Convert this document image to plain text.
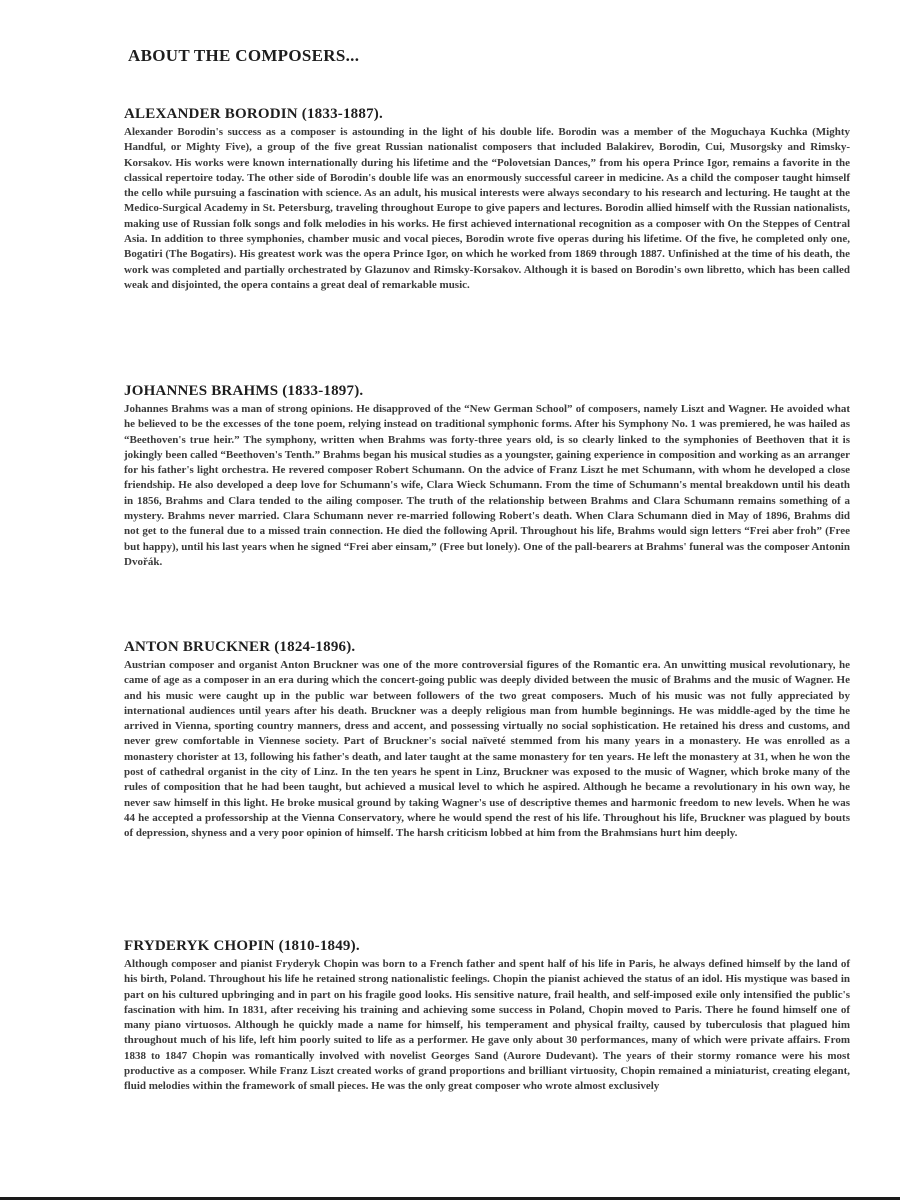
ABOUT THE COMPOSERS...
ALEXANDER BORODIN (1833-1887).

Alexander Borodin's success as a composer is astounding in the light of his double life. Borodin was a member of the Moguchaya Kuchka (Mighty Handful, or Mighty Five), a group of the five great Russian nationalist composers that included Balakirev, Borodin, Cui, Musorgsky and Rimsky-Korsakov. His works were known internationally during his lifetime and the “Polovetsian Dances,” from his opera Prince Igor, remains a favorite in the classical repertoire today. The other side of Borodin's double life was an enormously successful career in medicine. As a child the composer taught himself the cello while pursuing a fascination with science. As an adult, his musical interests were always secondary to his research and lecturing. He taught at the Medico-Surgical Academy in St. Petersburg, traveling throughout Europe to give papers and lectures. Borodin allied himself with the Russian nationalists, making use of Russian folk songs and folk melodies in his works. He first achieved international recognition as a composer with On the Steppes of Central Asia. In addition to three symphonies, chamber music and vocal pieces, Borodin wrote five operas during his lifetime. Of the five, he completed only one, Bogatiri (The Bogatirs). His greatest work was the opera Prince Igor, on which he worked from 1869 through 1887. Unfinished at the time of his death, the work was completed and partially orchestrated by Glazunov and Rimsky-Korsakov. Although it is based on Borodin's own libretto, which has been called weak and disjointed, the opera contains a great deal of remarkable music.

JOHANNES BRAHMS (1833-1897).

Johannes Brahms was a man of strong opinions. He disapproved of the “New German School” of composers, namely Liszt and Wagner. He avoided what he believed to be the excesses of the tone poem, relying instead on traditional symphonic forms. After his Symphony No. 1 was premiered, he was hailed as “Beethoven's true heir.” The symphony, written when Brahms was forty-three years old, is so clearly linked to the symphonies of Beethoven that it is jokingly been called “Beethoven's Tenth.” Brahms began his musical studies as a youngster, gaining experience in composition and working as an arranger for his father's light orchestra. He revered composer Robert Schumann. On the advice of Franz Liszt he met Schumann, with whom he developed a close friendship. He also developed a deep love for Schumann's wife, Clara Wieck Schumann. From the time of Schumann's mental breakdown until his death in 1856, Brahms and Clara tended to the ailing composer. The truth of the relationship between Brahms and Clara Schumann remains something of a mystery. Brahms never married. Clara Schumann never re-married following Robert's death. When Clara Schumann died in May of 1896, Brahms did not get to the funeral due to a missed train connection. He died the following April. Throughout his life, Brahms would sign letters “Frei aber froh” (Free but happy), until his last years when he signed “Frei aber einsam,” (Free but lonely). One of the pall-bearers at Brahms' funeral was the composer Antonin Dvořák.

ANTON BRUCKNER (1824-1896).

Austrian composer and organist Anton Bruckner was one of the more controversial figures of the Romantic era. An unwitting musical revolutionary, he came of age as a composer in an era during which the concert-going public was deeply divided between the music of Brahms and the music of Wagner. He and his music were caught up in the public war between followers of the two great composers. Much of his music was not fully appreciated by international audiences until years after his death. Bruckner was a deeply religious man from humble beginnings. He was middle-aged by the time he arrived in Vienna, sporting country manners, dress and accent, and possessing virtually no social sophistication. He retained his dress and customs, and never grew comfortable in Viennese society. Part of Bruckner's social naïveté stemmed from his many years in a monastery. He was enrolled as a monastery chorister at 13, following his father's death, and later taught at the same monastery for ten years. He left the monastery at 31, when he won the post of cathedral organist in the city of Linz. In the ten years he spent in Linz, Bruckner was exposed to the music of Wagner, which broke many of the rules of composition that he had been taught, but achieved a musical level to which he aspired. Although he became a revolutionary in his own way, he never saw himself in this light. He broke musical ground by taking Wagner's use of descriptive themes and harmonic freedom to new levels. When he was 44 he accepted a professorship at the Vienna Conservatory, where he would spend the rest of his life. Throughout his life, Bruckner was plagued by bouts of depression, shyness and a very poor opinion of himself. The harsh criticism lobbed at him from the Brahmsians hurt him deeply.

FRYDERYK CHOPIN (1810-1849).

Although composer and pianist Fryderyk Chopin was born to a French father and spent half of his life in Paris, he always defined himself by the land of his birth, Poland. Throughout his life he retained strong nationalistic feelings. Chopin the pianist achieved the status of an idol. His mystique was based in part on his cultured upbringing and in part on his fragile good looks. His sensitive nature, frail health, and self-imposed exile only intensified the public's fascination with him. In 1831, after receiving his training and achieving some success in Poland, Chopin moved to Paris. There he found himself one of many piano virtuosos. Although he quickly made a name for himself, his temperament and physical frailty, caused by tuberculosis that plagued him throughout much of his life, left him poorly suited to life as a performer. He gave only about 30 performances, many of which were private affairs. From 1838 to 1847 Chopin was romantically involved with novelist Georges Sand (Aurore Dudevant). The years of their stormy romance were his most productive as a composer. While Franz Liszt created works of grand proportions and brilliant virtuosity, Chopin remained a miniaturist, creating elegant, fluid melodies within the framework of small pieces. He was the only great composer who wrote almost exclusively
